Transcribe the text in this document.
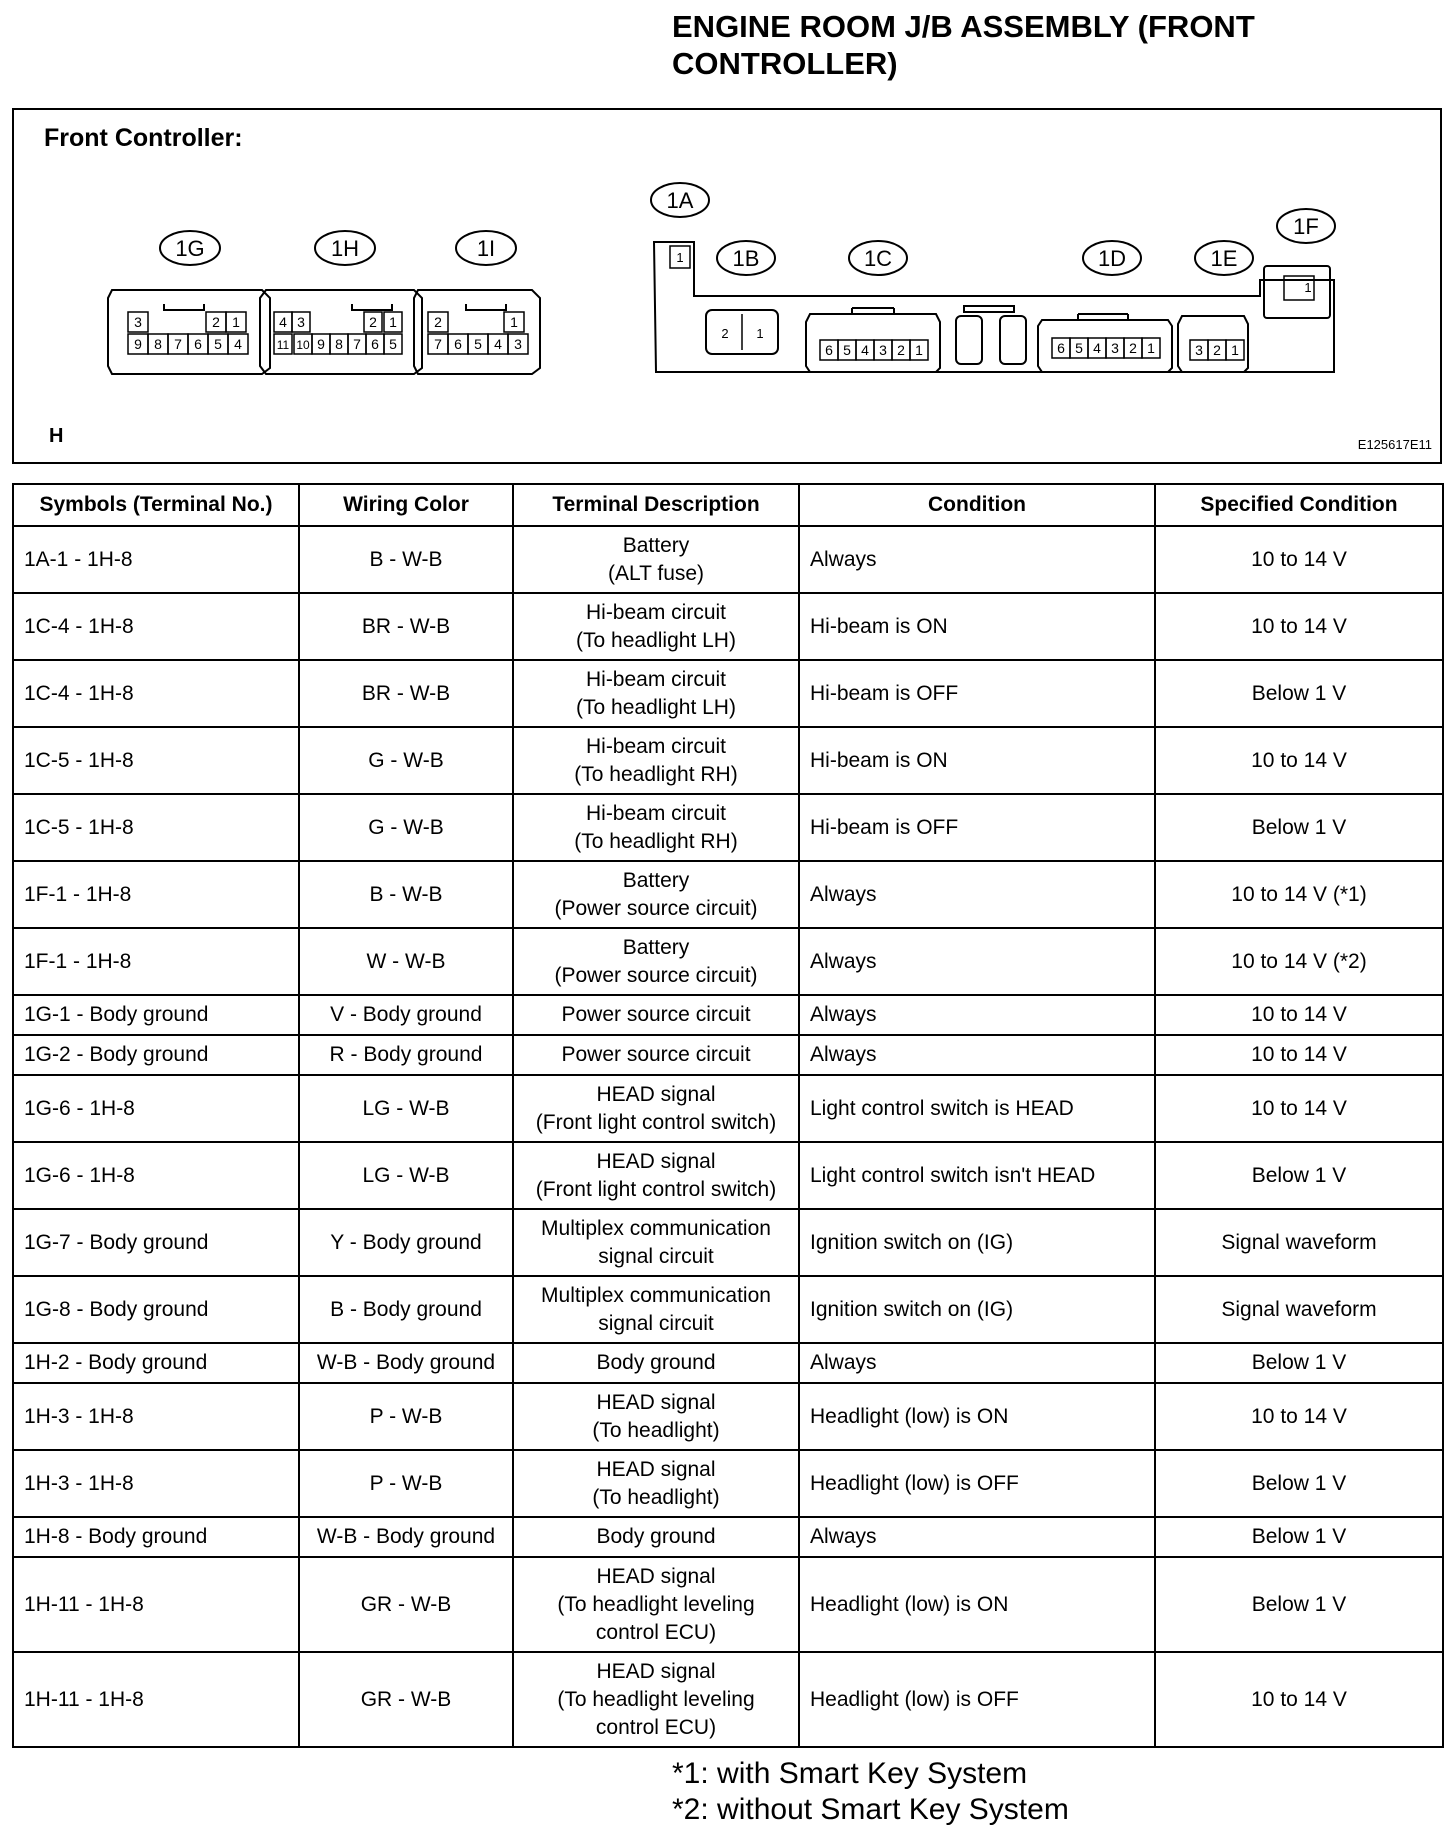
ENGINE ROOM J/B ASSEMBLY (FRONT
CONTROLLER)
Front Controller:
H	E125617E11
1G	1H	1I
1A
1B	1C	1D	1E
1F
1
2 1
1
3	2 1
9 8 7 6 5 4
4 3	2 1
11 10 9 8 7 6 5
2	1
7 6 5 4 3	6 5 4 3 2 1	6 5 4 3 2 1	3 2 1
Symbols (Terminal No.)	Wiring Color	Terminal Description	Condition	Specified Condition
1A-1 - 1H-8	B - W-B	Battery
(ALT fuse)	Always	10 to 14 V
1C-4 - 1H-8	BR - W-B	Hi-beam circuit
(To headlight LH)	Hi-beam is ON	10 to 14 V
1C-4 - 1H-8	BR - W-B	Hi-beam circuit
(To headlight LH)	Hi-beam is OFF	Below 1 V
1C-5 - 1H-8	G - W-B	Hi-beam circuit
(To headlight RH)	Hi-beam is ON	10 to 14 V
1C-5 - 1H-8	G - W-B	Hi-beam circuit
(To headlight RH)	Hi-beam is OFF	Below 1 V
1F-1 - 1H-8	B - W-B	Battery
(Power source circuit)	Always	10 to 14 V (*1)
1F-1 - 1H-8	W - W-B	Battery
(Power source circuit)	Always	10 to 14 V (*2)
1G-1 - Body ground	V - Body ground	Power source circuit	Always	10 to 14 V
1G-2 - Body ground	R - Body ground	Power source circuit	Always	10 to 14 V
1G-6 - 1H-8	LG - W-B	HEAD signal
(Front light control switch)	Light control switch is HEAD	10 to 14 V
1G-6 - 1H-8	LG - W-B	HEAD signal
(Front light control switch)	Light control switch isn't HEAD	Below 1 V
1G-7 - Body ground	Y - Body ground	Multiplex communication
signal circuit	Ignition switch on (IG)	Signal waveform
1G-8 - Body ground	B - Body ground	Multiplex communication
signal circuit	Ignition switch on (IG)	Signal waveform
1H-2 - Body ground	W-B - Body ground	Body ground	Always	Below 1 V
1H-3 - 1H-8	P - W-B	HEAD signal
(To headlight)	Headlight (low) is ON	10 to 14 V
1H-3 - 1H-8	P - W-B	HEAD signal
(To headlight)	Headlight (low) is OFF	Below 1 V
1H-8 - Body ground	W-B - Body ground	Body ground	Always	Below 1 V
1H-11 - 1H-8	GR - W-B	HEAD signal
(To headlight leveling
control ECU)	Headlight (low) is ON	Below 1 V
1H-11 - 1H-8	GR - W-B	HEAD signal
(To headlight leveling
control ECU)	Headlight (low) is OFF	10 to 14 V
*1: with Smart Key System
*2: without Smart Key System
